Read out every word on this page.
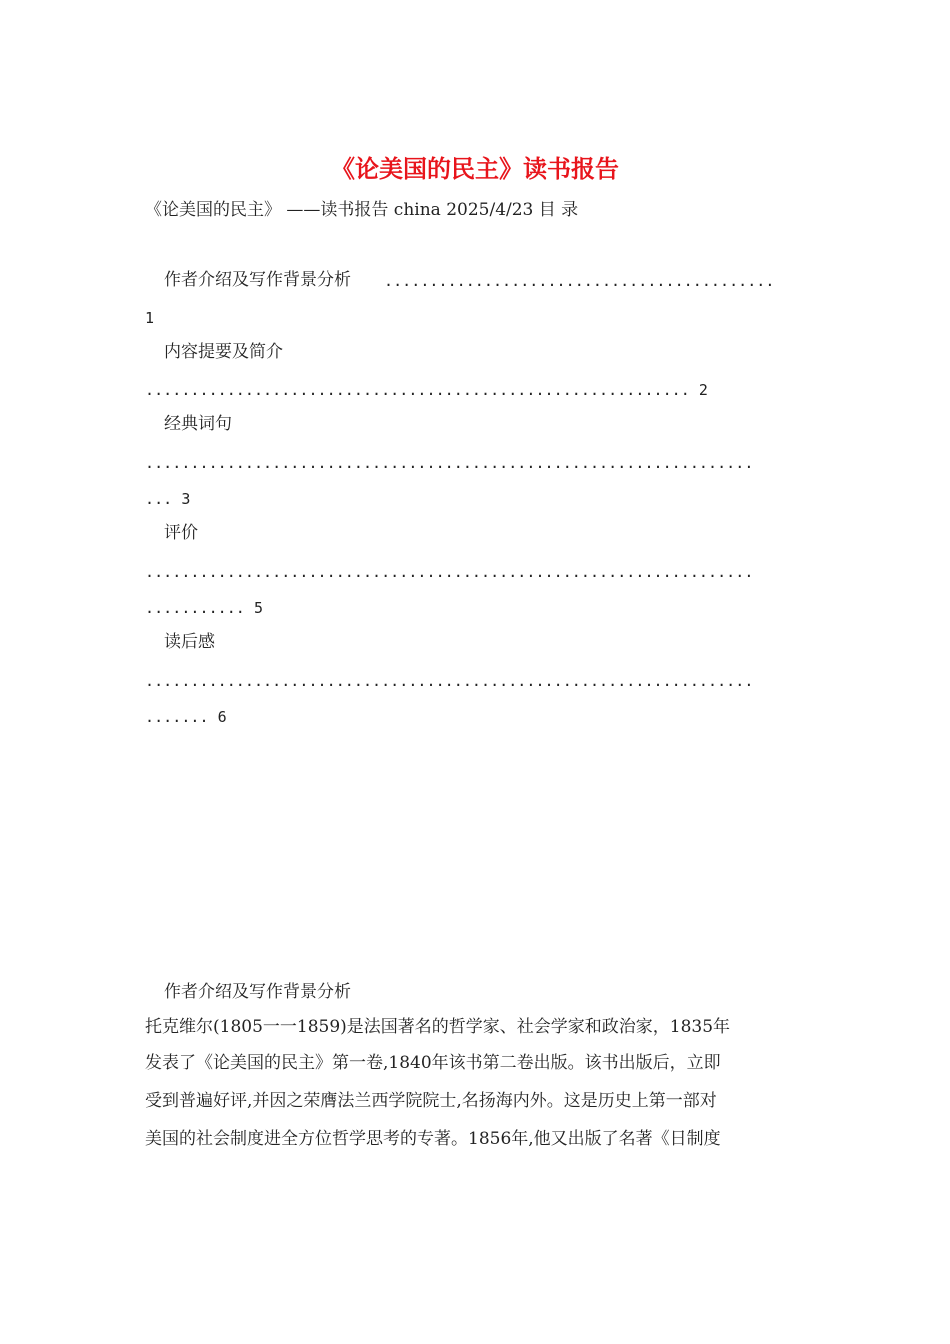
《论美国的民主》读书报告
《论美国的民主》 ——读书报告 china 2025/4/23 目 录
作者介绍及写作背景分析 ...........................................
1
内容提要及简介
............................................................ 2
经典词句
...................................................................
... 3
评价
...................................................................
........... 5
读后感
...................................................................
....... 6
作者介绍及写作背景分析
托克维尔(1805一一1859)是法国著名的哲学家、社会学家和政治家，1835年
发表了《论美国的民主》第一卷,1840年该书第二卷出版。该书出版后，立即
受到普遍好评,并因之荣膺法兰西学院院士,名扬海内外。这是历史上第一部对
美国的社会制度进全方位哲学思考的专著。1856年,他又出版了名著《日制度
